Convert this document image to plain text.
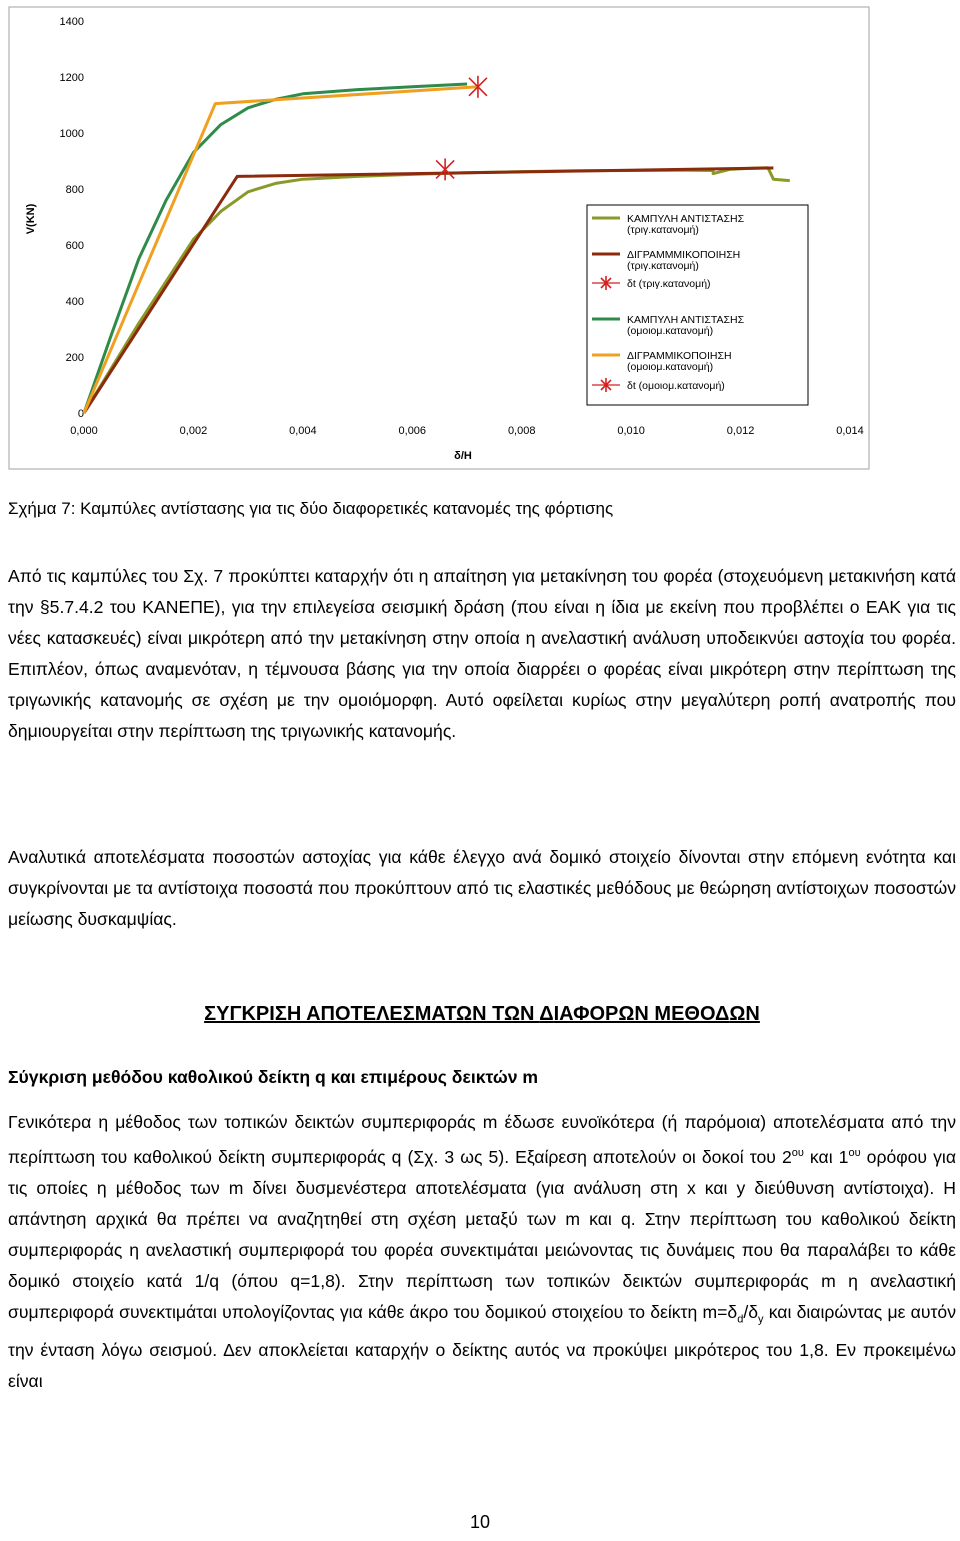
V(KN)
δ/H
0
200
400
600
800
1000
1200
1400
0,000	0,002	0,004	0,006	0,008	0,010	0,012	0,014
ΚΑΜΠΥΛΗ ΑΝΤΙΣΤΑΣΗΣ
(τριγ.κατανομή)
ΔΙΓΡΑΜΜΜΙΚΟΠΟΙΗΣΗ
(τριγ.κατανομή)
δt (τριγ.κατανομή)
ΚΑΜΠΥΛΗ ΑΝΤΙΣΤΑΣΗΣ
(ομοιομ.κατανομή)
ΔΙΓΡΑΜΜΙΚΟΠΟΙΗΣΗ
(ομοιομ.κατανομή)
δt (ομοιομ.κατανομή)
Σχήμα 7: Καμπύλες αντίστασης για τις δύο διαφορετικές κατανομές της φόρτισης
Από τις καμπύλες του Σχ. 7 προκύπτει καταρχήν ότι η απαίτηση για μετακίνηση του φορέα (στοχευόμενη μετακινήση κατά την §5.7.4.2 του ΚΑΝΕΠΕ), για την επιλεγείσα σεισμική δράση (που είναι η ίδια με εκείνη που προβλέπει ο ΕΑΚ για τις νέες κατασκευές) είναι μικρότερη από την μετακίνηση στην οποία η ανελαστική ανάλυση υποδεικνύει αστοχία του φορέα. Επιπλέον, όπως αναμενόταν, η τέμνουσα βάσης για την οποία διαρρέει ο φορέας είναι μικρότερη στην περίπτωση της τριγωνικής κατανομής σε σχέση με την ομοιόμορφη. Αυτό οφείλεται κυρίως στην μεγαλύτερη ροπή ανατροπής που δημιουργείται στην περίπτωση της τριγωνικής κατανομής.
Αναλυτικά αποτελέσματα ποσοστών αστοχίας για κάθε έλεγχο ανά δομικό στοιχείο δίνονται στην επόμενη ενότητα και συγκρίνονται με τα αντίστοιχα ποσοστά που προκύπτουν από τις ελαστικές μεθόδους με θεώρηση αντίστοιχων ποσοστών μείωσης δυσκαμψίας.
ΣΥΓΚΡΙΣΗ ΑΠΟΤΕΛΕΣΜΑΤΩΝ ΤΩΝ ΔΙΑΦΟΡΩΝ ΜΕΘΟΔΩΝ
Σύγκριση μεθόδου καθολικού δείκτη q και επιμέρους δεικτών m
Γενικότερα η μέθοδος των τοπικών δεικτών συμπεριφοράς m έδωσε ευνοϊκότερα (ή παρόμοια) αποτελέσματα από την περίπτωση του καθολικού δείκτη συμπεριφοράς q (Σχ. 3 ως 5). Εξαίρεση αποτελούν οι δοκοί του $2^{o\upsilon}$ και $1^{o\upsilon}$ ορόφου για τις οποίες η μέθοδος των m δίνει δυσμενέστερα αποτελέσματα (για ανάλυση στη x και y διεύθυνση αντίστοιχα). Η απάντηση αρχικά θα πρέπει να αναζητηθεί στη σχέση μεταξύ των m και q. Στην περίπτωση του καθολικού δείκτη συμπεριφοράς η ανελαστική συμπεριφορά του φορέα συνεκτιμάται μειώνοντας τις δυνάμεις που θα παραλάβει το κάθε δομικό στοιχείο κατά 1/q (όπου q=1,8). Στην περίπτωση των τοπικών δεικτών συμπεριφοράς m η ανελαστική συμπεριφορά συνεκτιμάται υπολογίζοντας για κάθε άκρο του δομικού στοιχείου το δείκτη $m=\delta_d/\delta_y$ και διαιρώντας με αυτόν την ένταση λόγω σεισμού. Δεν αποκλείεται καταρχήν ο δείκτης αυτός να προκύψει μικρότερος του 1,8. Εν προκειμένω είναι
10
